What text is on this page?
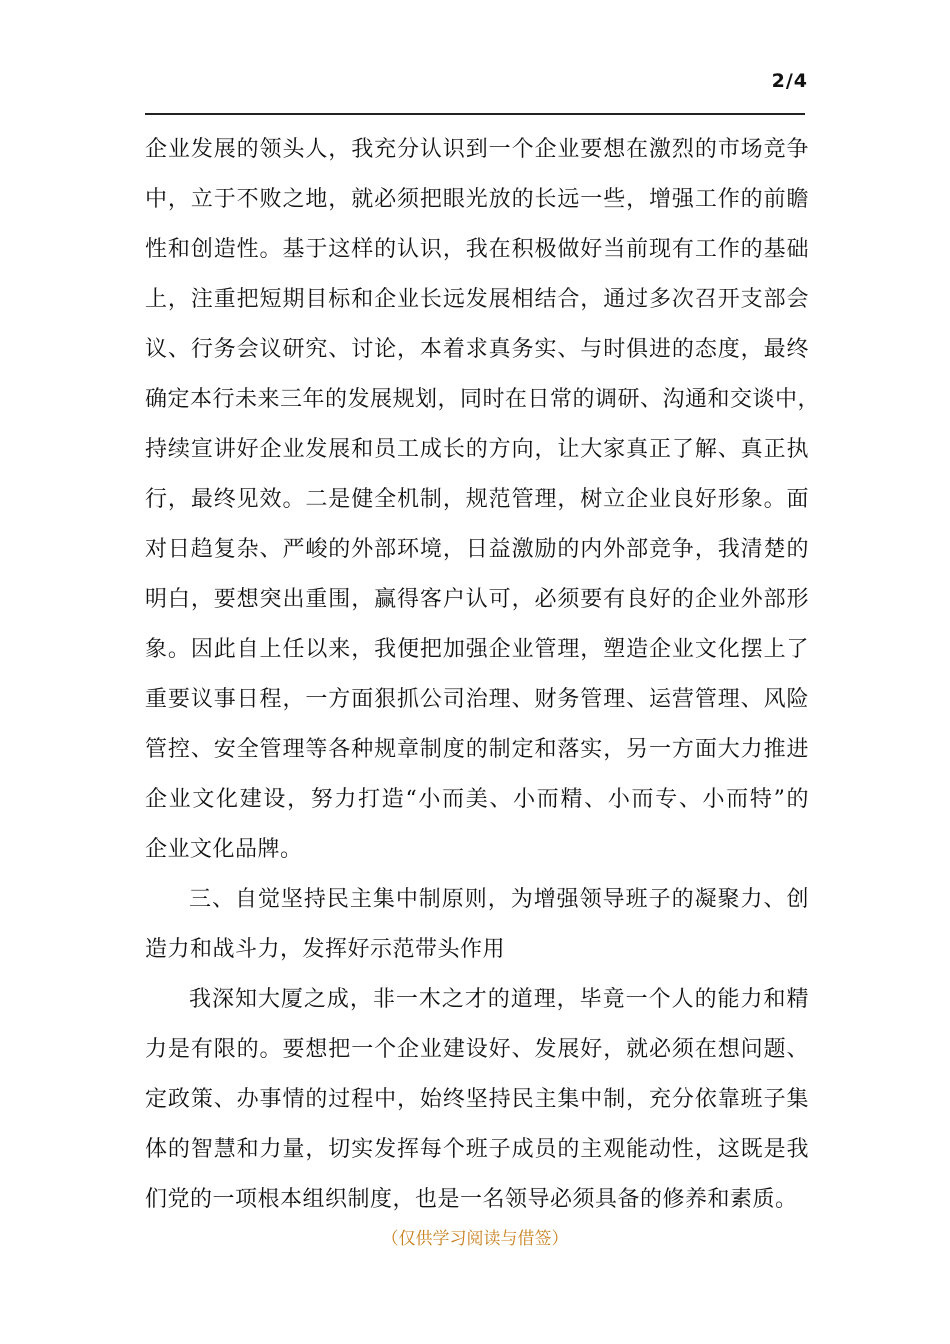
2/4
企业发展的领头人，我充分认识到一个企业要想在激烈的市场竞争
中，立于不败之地，就必须把眼光放的长远一些，增强工作的前瞻
性和创造性。基于这样的认识，我在积极做好当前现有工作的基础
上，注重把短期目标和企业长远发展相结合，通过多次召开支部会
议、行务会议研究、讨论，本着求真务实、与时俱进的态度，最终
确定本行未来三年的发展规划，同时在日常的调研、沟通和交谈中，
持续宣讲好企业发展和员工成长的方向，让大家真正了解、真正执
行，最终见效。二是健全机制，规范管理，树立企业良好形象。面
对日趋复杂、严峻的外部环境，日益激励的内外部竞争，我清楚的
明白，要想突出重围，赢得客户认可，必须要有良好的企业外部形
象。因此自上任以来，我便把加强企业管理，塑造企业文化摆上了
重要议事日程，一方面狠抓公司治理、财务管理、运营管理、风险
管控、安全管理等各种规章制度的制定和落实，另一方面大力推进
企业文化建设，努力打造“小而美、小而精、小而专、小而特”的
企业文化品牌。
三、自觉坚持民主集中制原则，为增强领导班子的凝聚力、创
造力和战斗力，发挥好示范带头作用
我深知大厦之成，非一木之才的道理，毕竟一个人的能力和精
力是有限的。要想把一个企业建设好、发展好，就必须在想问题、
定政策、办事情的过程中，始终坚持民主集中制，充分依靠班子集
体的智慧和力量，切实发挥每个班子成员的主观能动性，这既是我
们党的一项根本组织制度，也是一名领导必须具备的修养和素质。
（仅供学习阅读与借签）
